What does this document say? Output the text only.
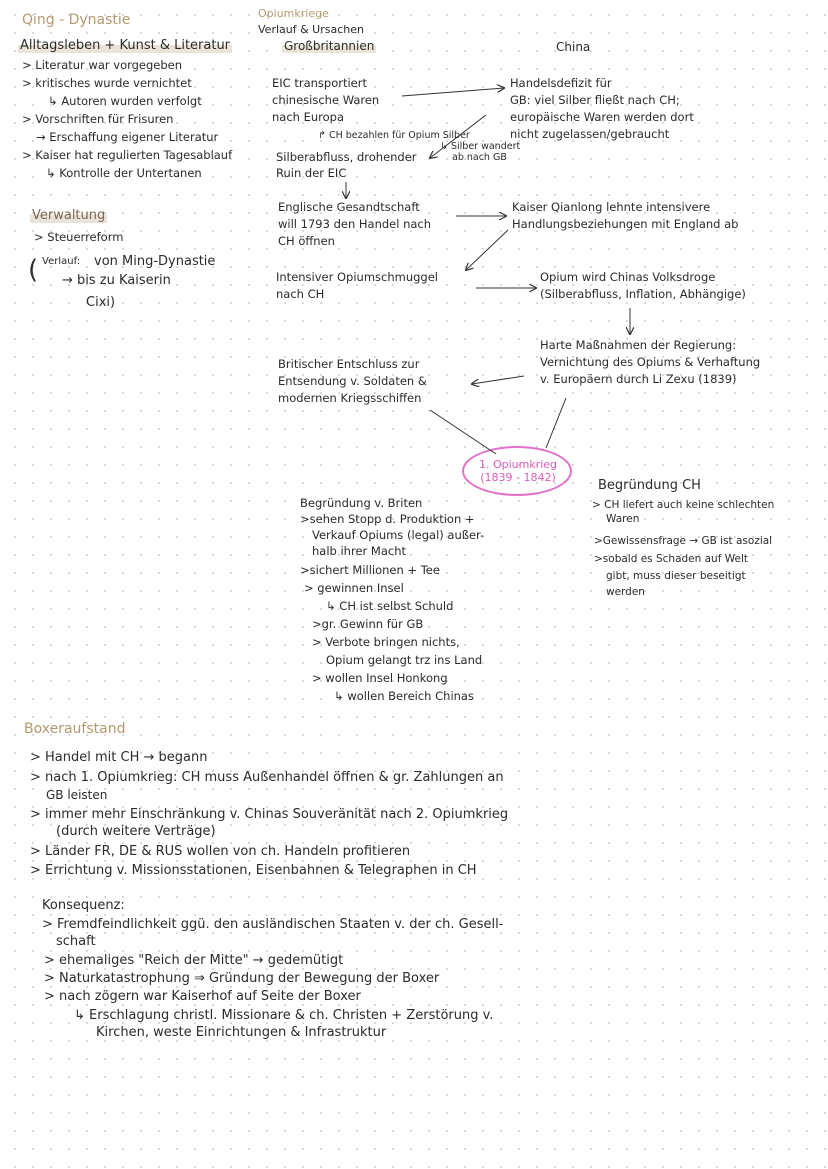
Qing - Dynastie
Alltagsleben + Kunst & Literatur
> Literatur war vorgegeben
> kritisches wurde vernichtet
↳ Autoren wurden verfolgt
> Vorschriften für Frisuren
→ Erschaffung eigener Literatur
> Kaiser hat regulierten Tagesablauf
↳ Kontrolle der Untertanen
Verwaltung
> Steuerreform
( Verlauf: von Ming-Dynastie
→ bis zu Kaiserin
Cixi)
Opiumkriege
Verlauf & Ursachen
Großbritannien	China
EIC transportiert
chinesische Waren
nach Europa
Handelsdefizit für
GB: viel Silber fließt nach CH;
europäische Waren werden dort
nicht zugelassen/gebraucht
↱ CH bezahlen für Opium Silber
↳ Silber wandert
ab nach GB
Silberabfluss, drohender
Ruin der EIC
Englische Gesandtschaft
will 1793 den Handel nach
CH öffnen
Kaiser Qianlong lehnte intensivere
Handlungsbeziehungen mit England ab
Intensiver Opiumschmuggel
nach CH
Opium wird Chinas Volksdroge
(Silberabfluss, Inflation, Abhängige)
Harte Maßnahmen der Regierung:
Vernichtung des Opiums & Verhaftung
v. Europäern durch Li Zexu (1839)
Britischer Entschluss zur
Entsendung v. Soldaten &
modernen Kriegsschiffen
1. Opiumkrieg
(1839 - 1842)
Begründung v. Briten
>sehen Stopp d. Produktion +
Verkauf Opiums (legal) außer-
halb ihrer Macht
>sichert Millionen + Tee
> gewinnen Insel
↳ CH ist selbst Schuld
>gr. Gewinn für GB
> Verbote bringen nichts,
Opium gelangt trz ins Land
> wollen Insel Honkong
↳ wollen Bereich Chinas
Begründung CH
> CH liefert auch keine schlechten
Waren
>Gewissensfrage → GB ist asozial
>sobald es Schaden auf Welt
gibt, muss dieser beseitigt
werden
Boxeraufstand
> Handel mit CH → begann
> nach 1. Opiumkrieg: CH muss Außenhandel öffnen & gr. Zahlungen an
GB leisten
> immer mehr Einschränkung v. Chinas Souveränität nach 2. Opiumkrieg
(durch weitere Verträge)
> Länder FR, DE & RUS wollen von ch. Handeln profitieren
> Errichtung v. Missionsstationen, Eisenbahnen & Telegraphen in CH
Konsequenz:
> Fremdfeindlichkeit ggü. den ausländischen Staaten v. der ch. Gesell-
schaft
> ehemaliges "Reich der Mitte" → gedemütigt
> Naturkatastrophung ⇒ Gründung der Bewegung der Boxer
> nach zögern war Kaiserhof auf Seite der Boxer
↳ Erschlagung christl. Missionare & ch. Christen + Zerstörung v.
Kirchen, weste Einrichtungen & Infrastruktur
